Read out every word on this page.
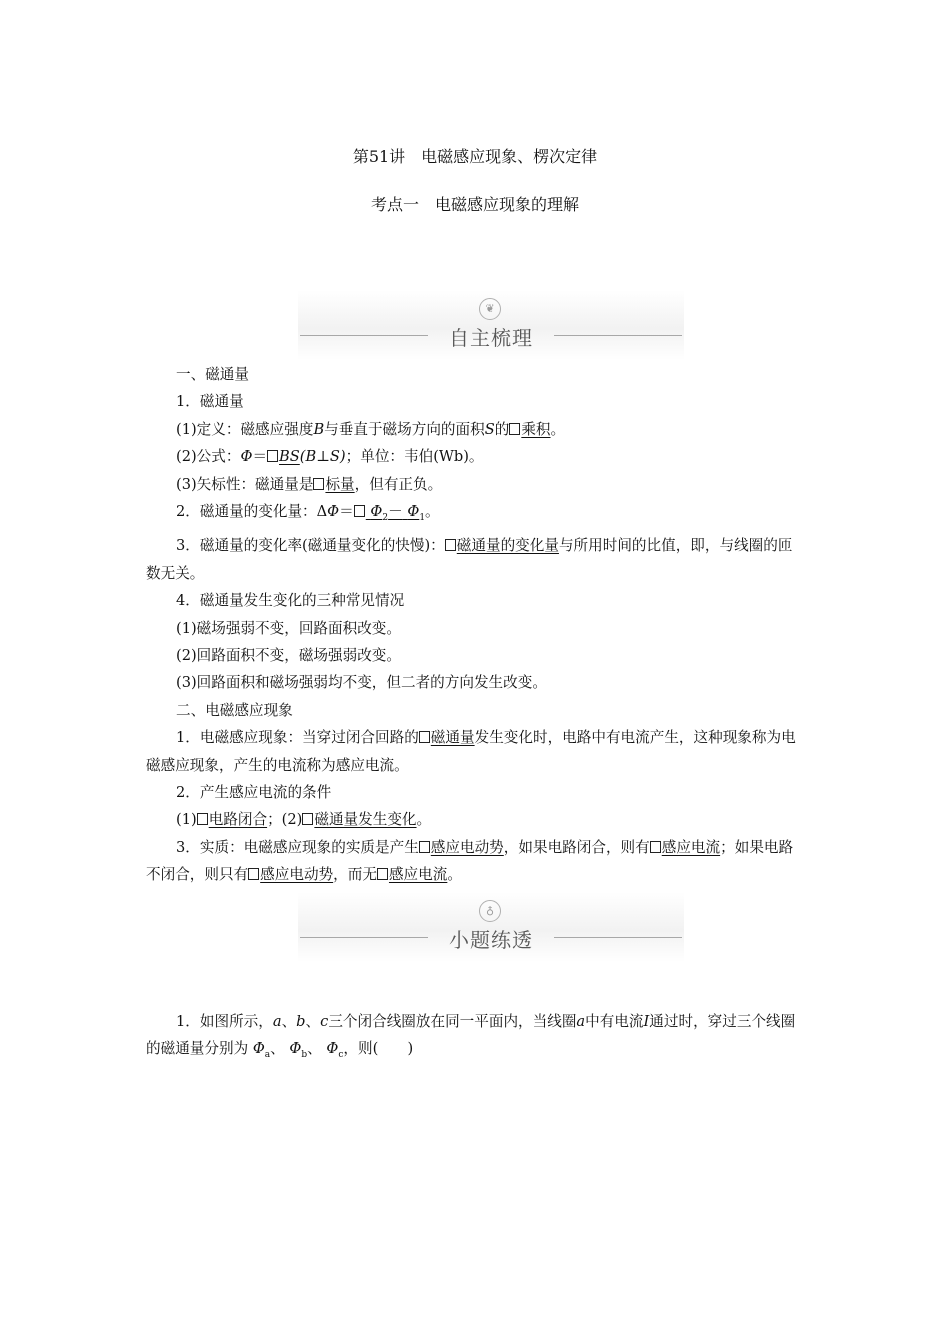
第51讲　电磁感应现象、楞次定律
考点一　电磁感应现象的理解
❦
自主梳理

一、磁通量

1．磁通量

(1)定义：磁感应强度B与垂直于磁场方向的面积S的 乘积。

(2)公式：Φ＝ BS(B⊥S)；单位：韦伯(Wb)。

(3)矢标性：磁通量是 标量，但有正负。

2．磁通量的变化量：$\Delta\Phi= \Phi_2- \Phi_1$。

3．磁通量的变化率(磁通量变化的快慢)： 磁通量的变化量与所用时间的比值，即，与线圈的匝数无关。

4．磁通量发生变化的三种常见情况

(1)磁场强弱不变，回路面积改变。

(2)回路面积不变，磁场强弱改变。

(3)回路面积和磁场强弱均不变，但二者的方向发生改变。

二、电磁感应现象

1．电磁感应现象：当穿过闭合回路的 磁通量发生变化时，电路中有电流产生，这种现象称为电磁感应现象，产生的电流称为感应电流。

2．产生感应电流的条件

(1) 电路闭合；(2) 磁通量发生变化。

3．实质：电磁感应现象的实质是产生 感应电动势，如果电路闭合，则有 感应电流；如果电路不闭合，则只有 感应电动势，而无 感应电流。

♁
小题练透

1．如图所示，a、b、c三个闭合线圈放在同一平面内，当线圈a中有电流I通过时，穿过三个线圈的磁通量分别为 $\Phi_a$、 $\Phi_b$、 $\Phi_c$，则(　　)
